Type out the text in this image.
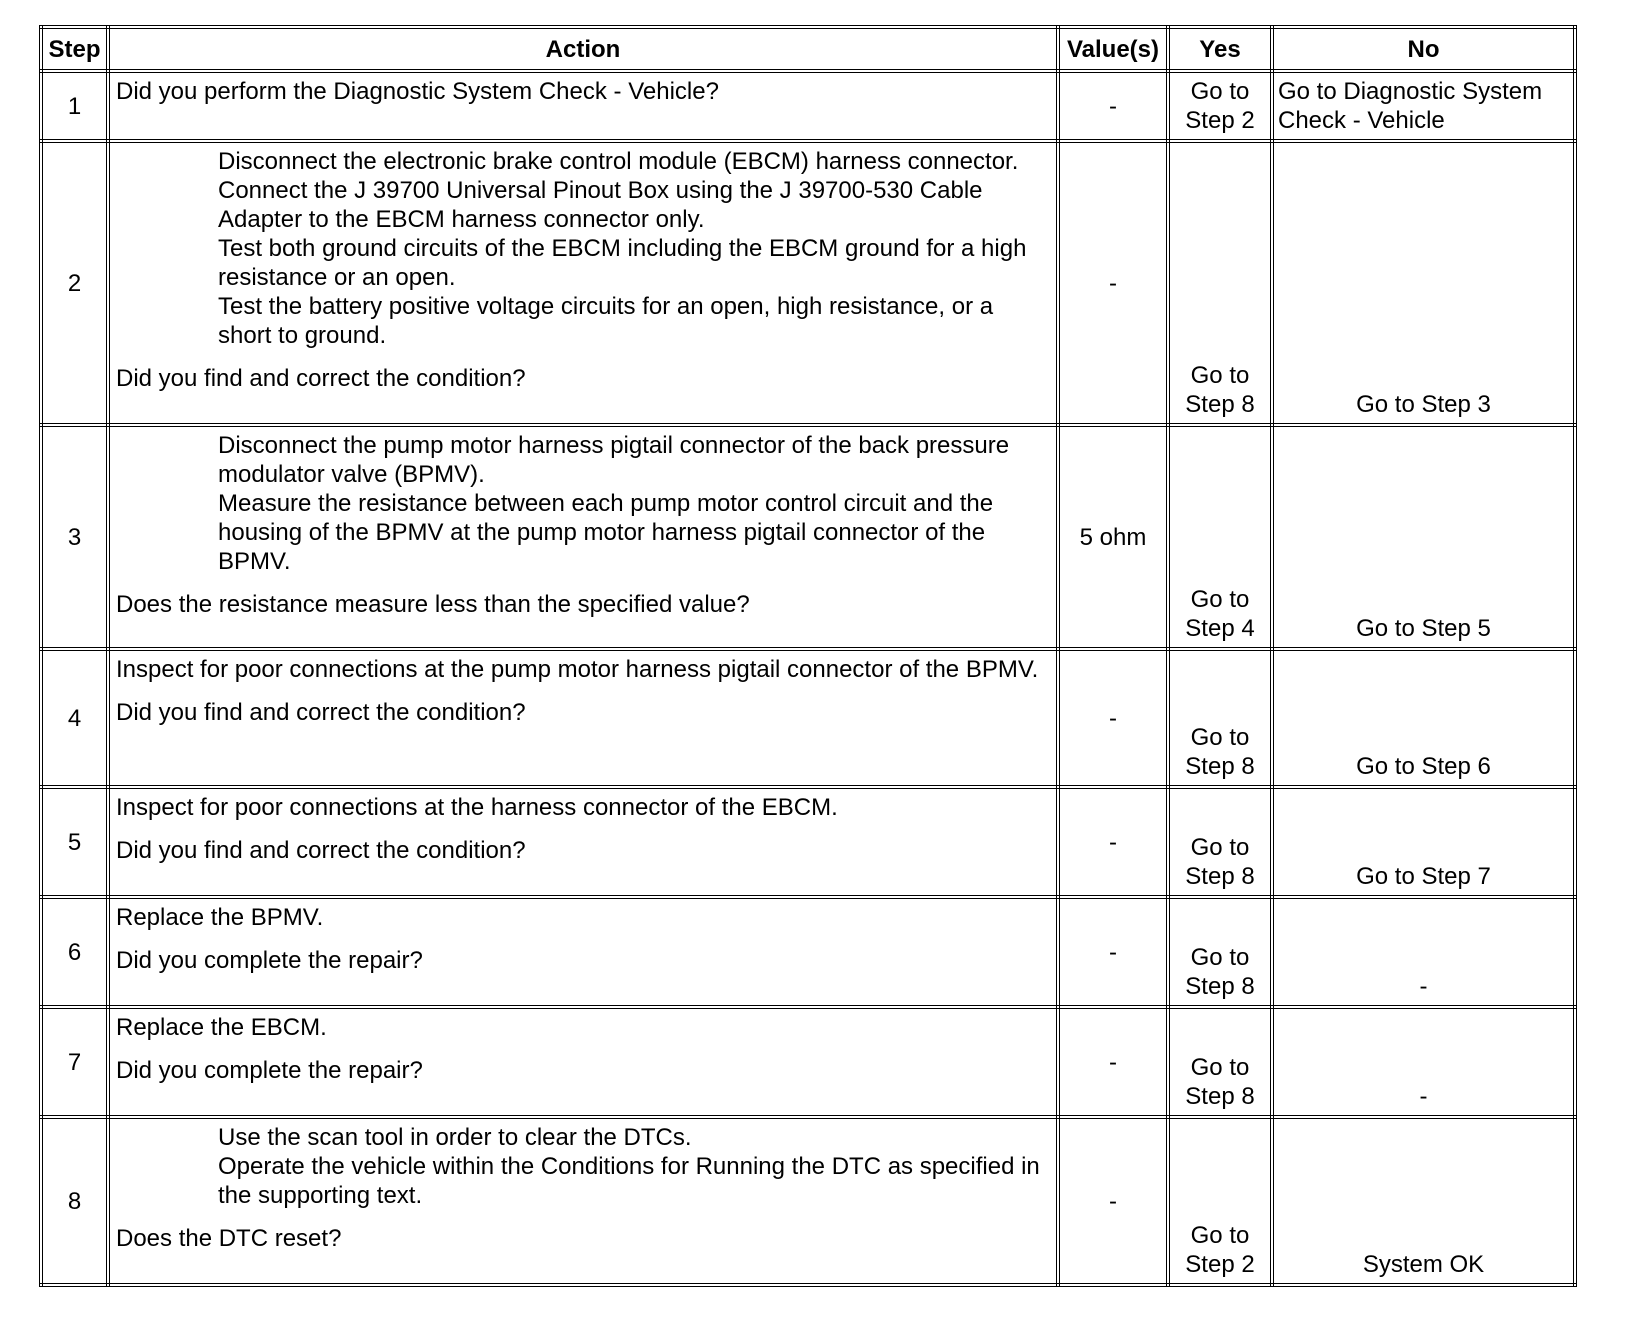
Step	Action	Value(s)	Yes	No
1	Did you perform the Diagnostic System Check - Vehicle?	-	Go to Step 2	Go to Diagnostic System Check - Vehicle
2	Disconnect the electronic brake control module (EBCM) harness connector.
Connect the J 39700 Universal Pinout Box using the J 39700-530 Cable Adapter to the EBCM harness connector only.
Test both ground circuits of the EBCM including the EBCM ground for a high resistance or an open.
Test the battery positive voltage circuits for an open, high resistance, or a short to ground.
Did you find and correct the condition?	-	Go to Step 8	Go to Step 3
3	Disconnect the pump motor harness pigtail connector of the back pressure modulator valve (BPMV).
Measure the resistance between each pump motor control circuit and the housing of the BPMV at the pump motor harness pigtail connector of the BPMV.
Does the resistance measure less than the specified value?	5 ohm	Go to Step 4	Go to Step 5
4	Inspect for poor connections at the pump motor harness pigtail connector of the BPMV.
Did you find and correct the condition?	-	Go to Step 8	Go to Step 6
5	Inspect for poor connections at the harness connector of the EBCM.
Did you find and correct the condition?	-	Go to Step 8	Go to Step 7
6	Replace the BPMV.
Did you complete the repair?	-	Go to Step 8	-
7	Replace the EBCM.
Did you complete the repair?	-	Go to Step 8	-
8	Use the scan tool in order to clear the DTCs.
Operate the vehicle within the Conditions for Running the DTC as specified in the supporting text.
Does the DTC reset?	-	Go to Step 2	System OK
